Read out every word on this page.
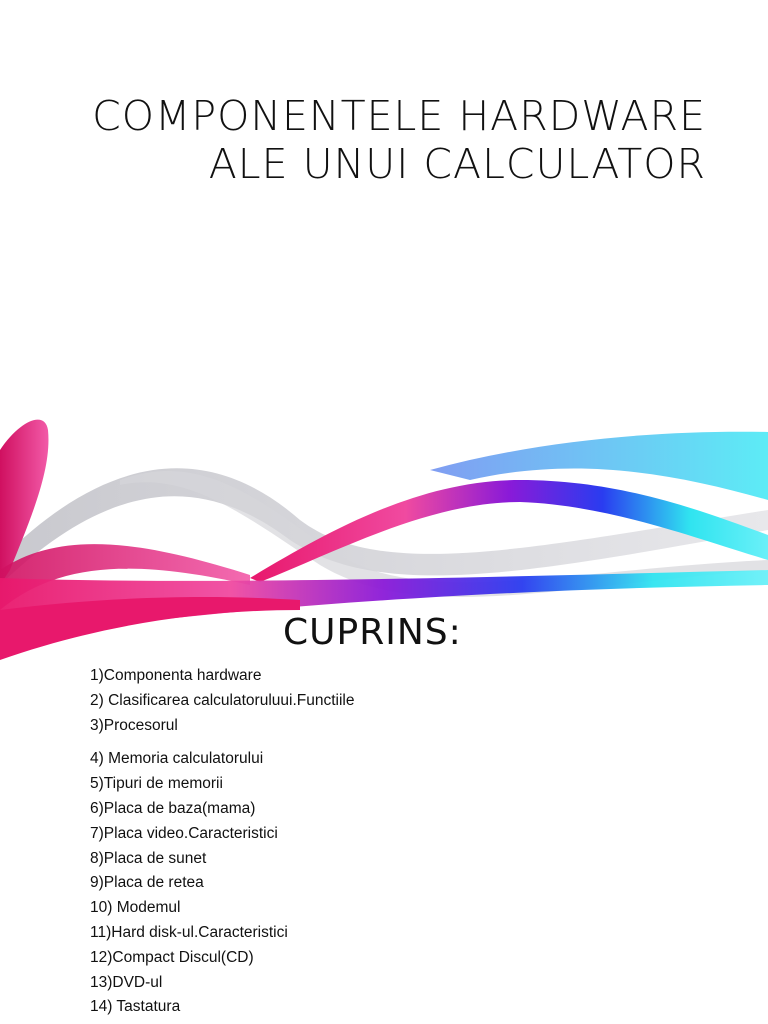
COMPONENTELE HARDWARE
ALE UNUI CALCULATOR
CUPRINS:
1)Componenta hardware
2) Clasificarea calculatoruluui.Functiile
3)Procesorul
4) Memoria calculatorului
5)Tipuri de memorii
6)Placa de baza(mama)
7)Placa video.Caracteristici
8)Placa de sunet
9)Placa de retea
10) Modemul
11)Hard disk-ul.Caracteristici
12)Compact Discul(CD)
13)DVD-ul
14) Tastatura
